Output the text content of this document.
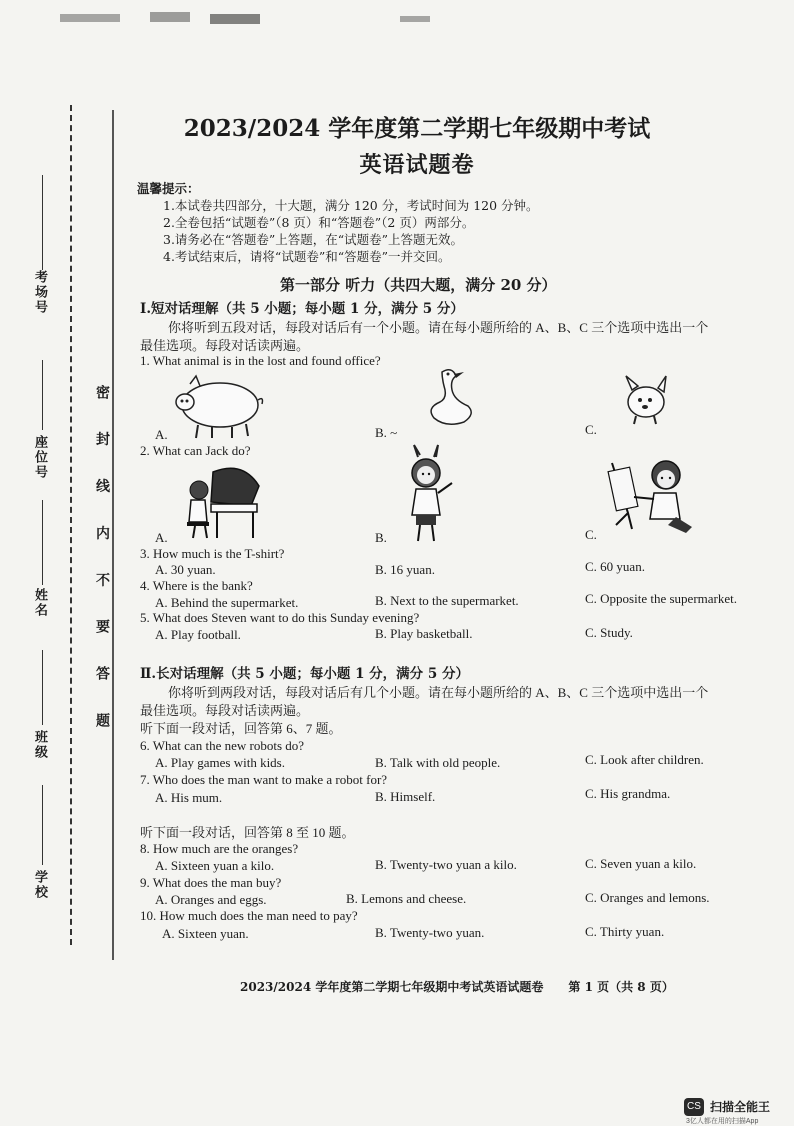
考场号
座位号
姓名
班级
学校
密 封 线 内 不 要 答 题
2023/2024 学年度第二学期七年级期中考试
英语试题卷
温馨提示：
1.本试卷共四部分，十大题，满分 120 分，考试时间为 120 分钟。
2.全卷包括“试题卷”（8 页）和“答题卷”（2 页）两部分。
3.请务必在“答题卷”上答题，在“试题卷”上答题无效。
4.考试结束后，请将“试题卷”和“答题卷”一并交回。
第一部分 听力（共四大题，满分 20 分）
Ⅰ.短对话理解（共 5 小题；每小题 1 分，满分 5 分）
你将听到五段对话，每段对话后有一个小题。请在每小题所给的 A、B、C 三个选项中选出一个
最佳选项。每段对话读两遍。
1. What animal is in the lost and found office?
A.	B. ~	C.
2. What can Jack do?
A.	B.	C.
3. How much is the T-shirt?
A. 30 yuan.	B. 16 yuan.	C. 60 yuan.
4. Where is the bank?
A. Behind the supermarket.	B. Next to the supermarket.	C. Opposite the supermarket.
5. What does Steven want to do this Sunday evening?
A. Play football.	B. Play basketball.	C. Study.
Ⅱ.长对话理解（共 5 小题；每小题 1 分，满分 5 分）
你将听到两段对话，每段对话后有几个小题。请在每小题所给的 A、B、C 三个选项中选出一个
最佳选项。每段对话读两遍。
听下面一段对话，回答第 6、7 题。
6. What can the new robots do?
A. Play games with kids.	B. Talk with old people.	C. Look after children.
7. Who does the man want to make a robot for?
A. His mum.	B. Himself.	C. His grandma.
听下面一段对话，回答第 8 至 10 题。
8. How much are the oranges?
A. Sixteen yuan a kilo.	B. Twenty-two yuan a kilo.	C. Seven yuan a kilo.
9. What does the man buy?
A. Oranges and eggs.	B. Lemons and cheese.	C. Oranges and lemons.
10. How much does the man need to pay?
A. Sixteen yuan.	B. Twenty-two yuan.	C. Thirty yuan.
2023/2024 学年度第二学期七年级期中考试英语试题卷      第 1 页（共 8 页）
CS 扫描全能王
3亿人都在用的扫描App
